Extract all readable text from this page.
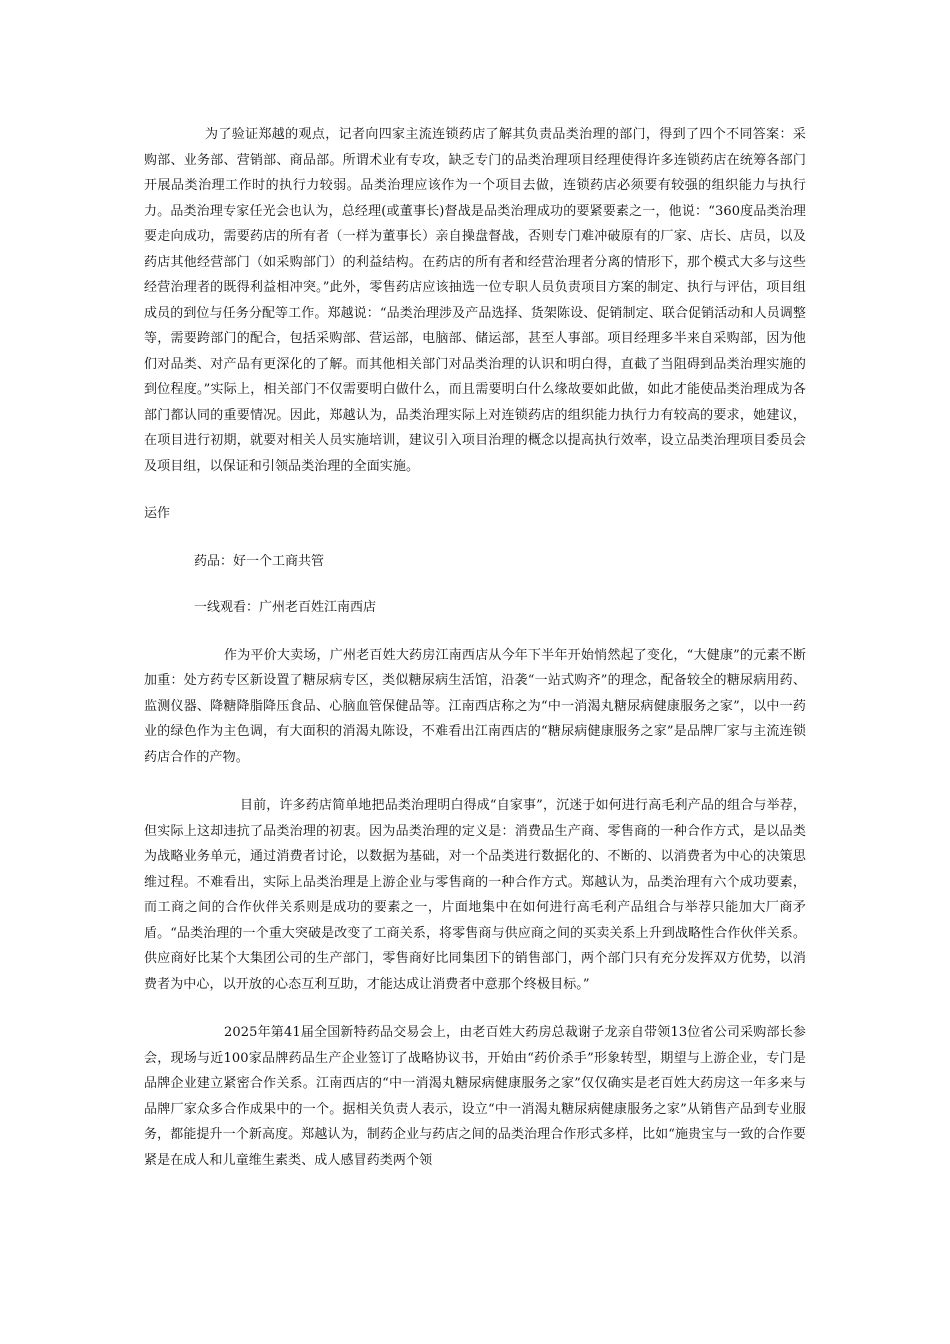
为了验证郑越的观点，记者向四家主流连锁药店了解其负责品类治理的部门，得到了四个不同答案：采购部、业务部、营销部、商品部。所谓术业有专攻，缺乏专门的品类治理项目经理使得许多连锁药店在统筹各部门开展品类治理工作时的执行力较弱。品类治理应该作为一个项目去做，连锁药店必须要有较强的组织能力与执行力。品类治理专家任光会也认为，总经理(或董事长)督战是品类治理成功的要紧要素之一，他说：“360度品类治理要走向成功，需要药店的所有者（一样为董事长）亲自操盘督战，否则专门难冲破原有的厂家、店长、店员，以及药店其他经营部门（如采购部门）的利益结构。在药店的所有者和经营治理者分离的情形下，那个模式大多与这些经营治理者的既得利益相冲突。”此外，零售药店应该抽选一位专职人员负责项目方案的制定、执行与评估，项目组成员的到位与任务分配等工作。郑越说：“品类治理涉及产品选择、货架陈设、促销制定、联合促销活动和人员调整等，需要跨部门的配合，包括采购部、营运部，电脑部、储运部，甚至人事部。项目经理多半来自采购部，因为他们对品类、对产品有更深化的了解。而其他相关部门对品类治理的认识和明白得，直截了当阻碍到品类治理实施的到位程度。”实际上，相关部门不仅需要明白做什么，而且需要明白什么缘故要如此做，如此才能使品类治理成为各部门都认同的重要情况。因此，郑越认为，品类治理实际上对连锁药店的组织能力执行力有较高的要求，她建议，在项目进行初期，就要对相关人员实施培训，建议引入项目治理的概念以提高执行效率，设立品类治理项目委员会及项目组，以保证和引领品类治理的全面实施。

运作

药品：好一个工商共管

一线观看：广州老百姓江南西店

作为平价大卖场，广州老百姓大药房江南西店从今年下半年开始悄然起了变化，“大健康”的元素不断加重：处方药专区新设置了糖尿病专区，类似糖尿病生活馆，沿袭“一站式购齐”的理念，配备较全的糖尿病用药、监测仪器、降糖降脂降压食品、心脑血管保健品等。江南西店称之为“中一消渴丸糖尿病健康服务之家”，以中一药业的绿色作为主色调，有大面积的消渴丸陈设，不难看出江南西店的“糖尿病健康服务之家”是品牌厂家与主流连锁药店合作的产物。

目前，许多药店简单地把品类治理明白得成“自家事”，沉迷于如何进行高毛利产品的组合与举荐，但实际上这却违抗了品类治理的初衷。因为品类治理的定义是：消费品生产商、零售商的一种合作方式，是以品类为战略业务单元，通过消费者讨论，以数据为基础，对一个品类进行数据化的、不断的、以消费者为中心的决策思维过程。不难看出，实际上品类治理是上游企业与零售商的一种合作方式。郑越认为，品类治理有六个成功要素，而工商之间的合作伙伴关系则是成功的要素之一，片面地集中在如何进行高毛利产品组合与举荐只能加大厂商矛盾。“品类治理的一个重大突破是改变了工商关系，将零售商与供应商之间的买卖关系上升到战略性合作伙伴关系。供应商好比某个大集团公司的生产部门，零售商好比同集团下的销售部门，两个部门只有充分发挥双方优势，以消费者为中心，以开放的心态互利互助，才能达成让消费者中意那个终极目标。”

2025年第41届全国新特药品交易会上，由老百姓大药房总裁谢子龙亲自带领13位省公司采购部长参会，现场与近100家品牌药品生产企业签订了战略协议书，开始由“药价杀手”形象转型，期望与上游企业，专门是品牌企业建立紧密合作关系。江南西店的“中一消渴丸糖尿病健康服务之家”仅仅确实是老百姓大药房这一年多来与品牌厂家众多合作成果中的一个。据相关负责人表示，设立“中一消渴丸糖尿病健康服务之家”从销售产品到专业服务，都能提升一个新高度。郑越认为，制药企业与药店之间的品类治理合作形式多样，比如“施贵宝与一致的合作要紧是在成人和儿童维生素类、成人感冒药类两个领
